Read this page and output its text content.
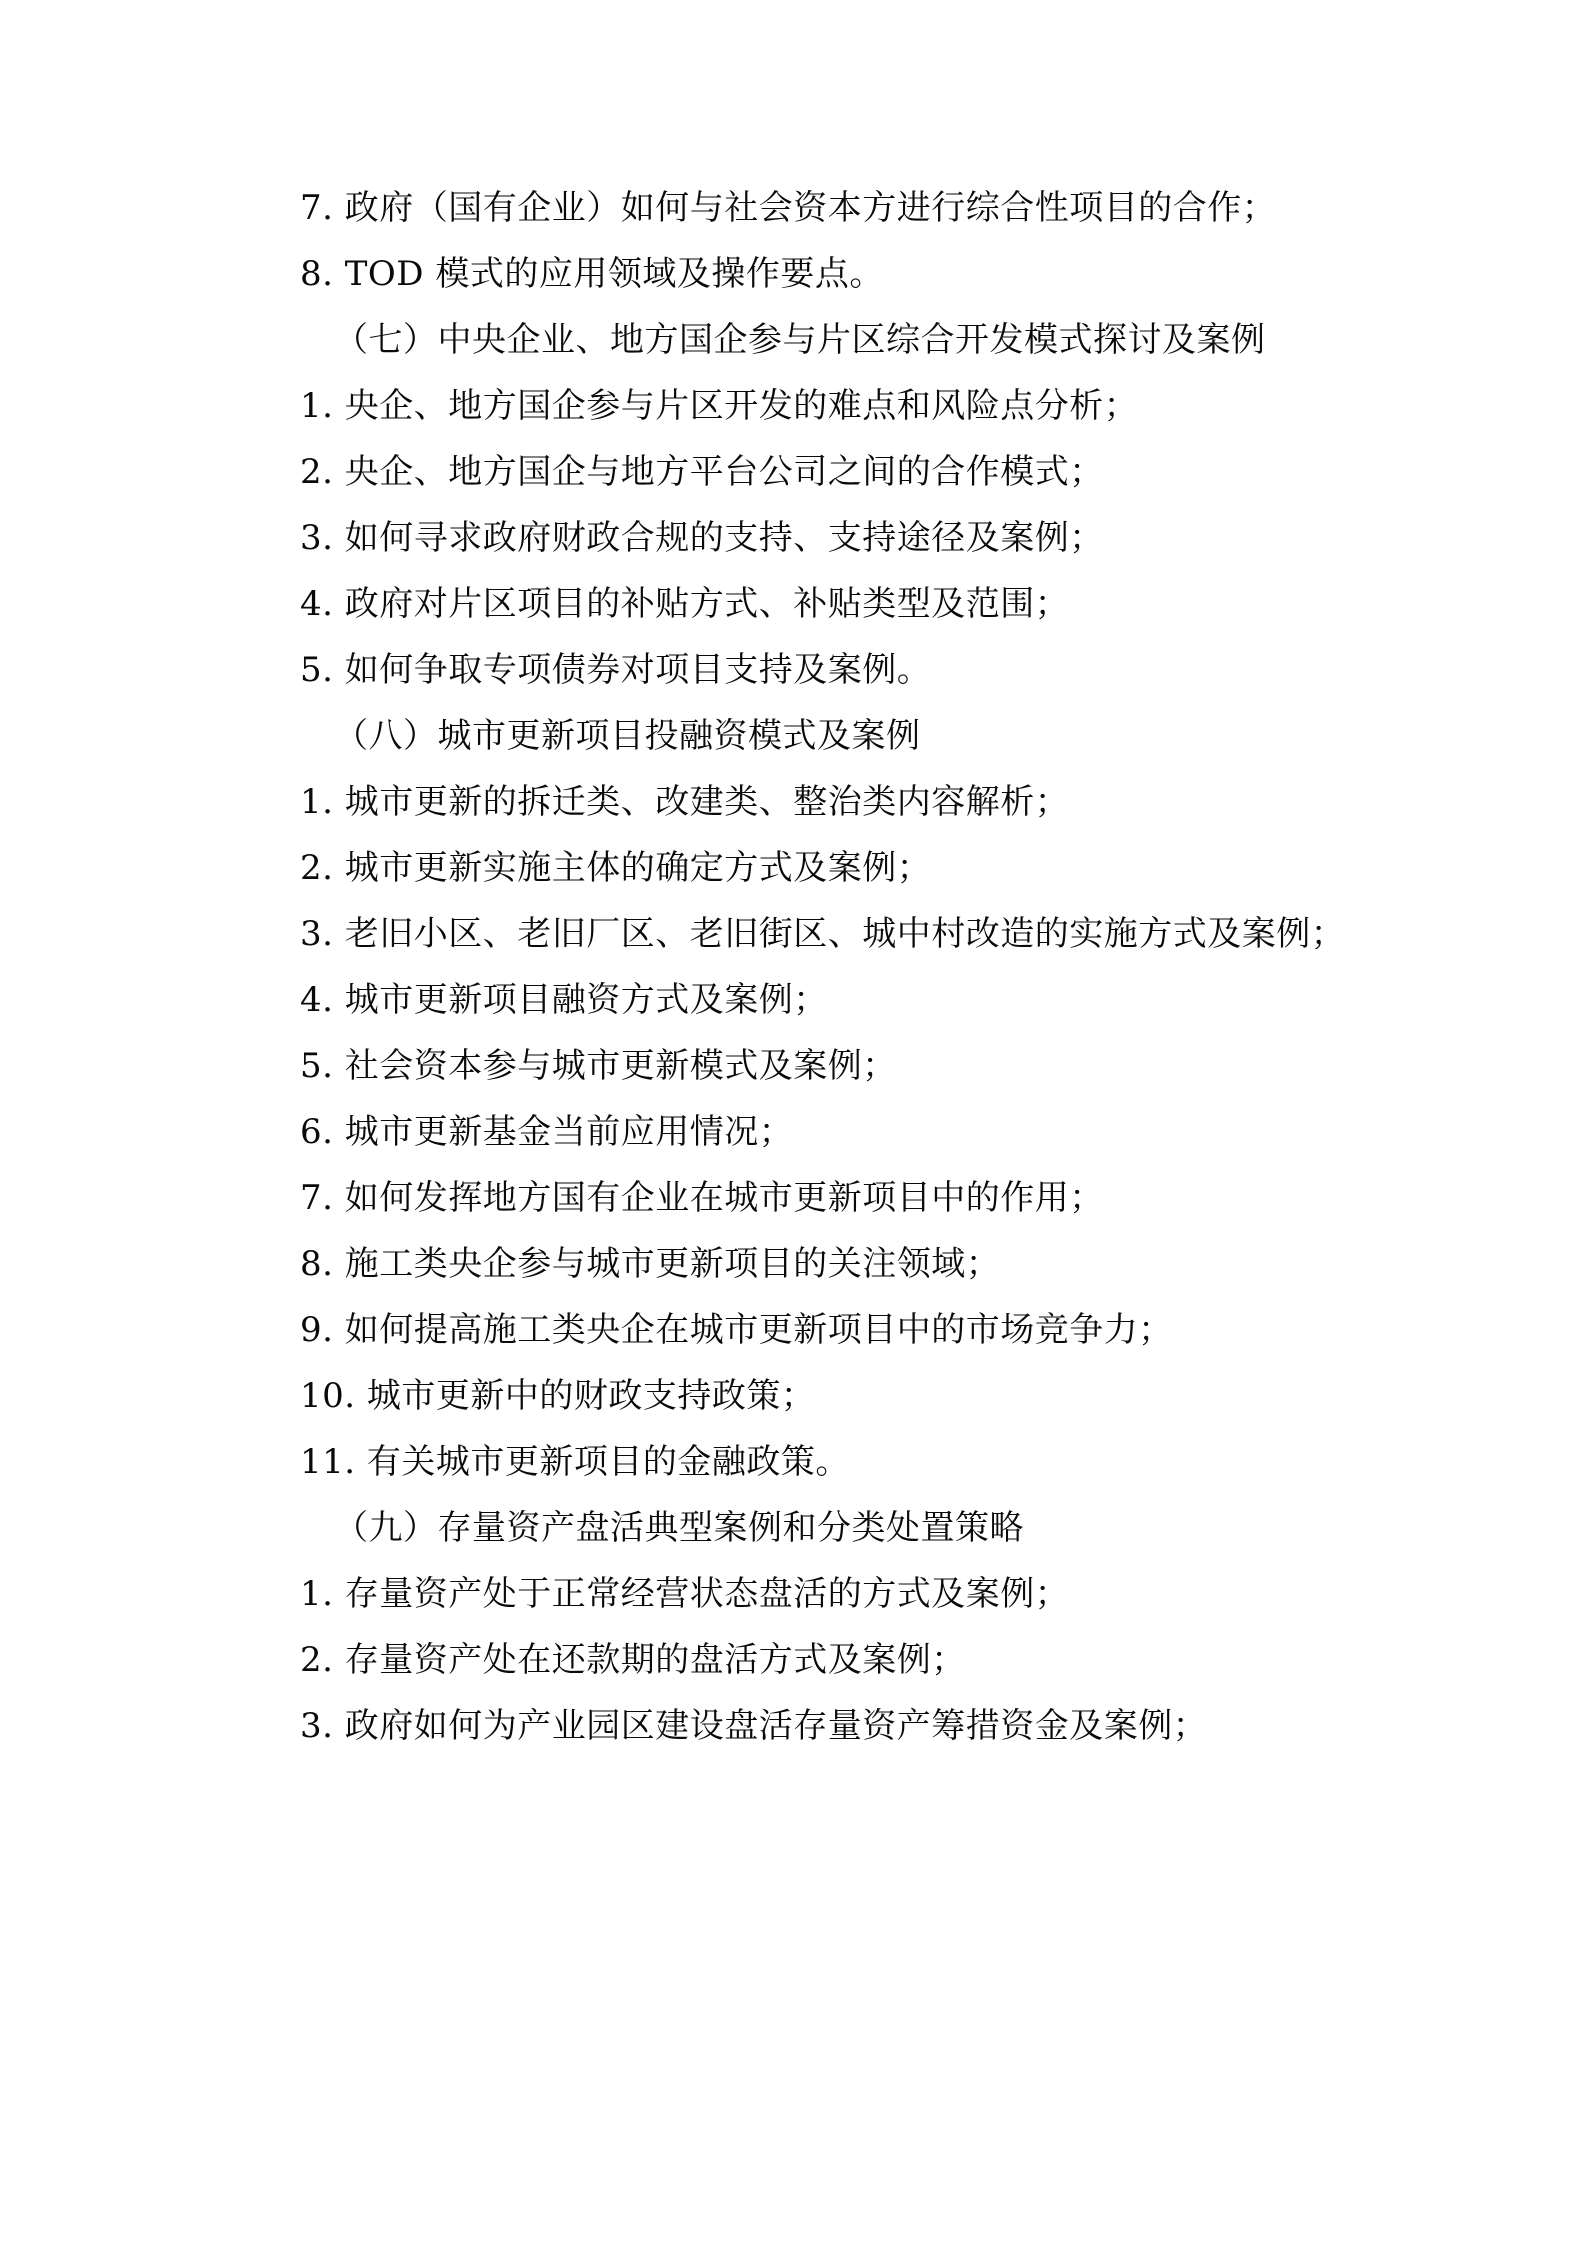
7. 政府（国有企业）如何与社会资本方进行综合性项目的合作；

8. TOD 模式的应用领域及操作要点。

（七）中央企业、地方国企参与片区综合开发模式探讨及案例

1. 央企、地方国企参与片区开发的难点和风险点分析；

2. 央企、地方国企与地方平台公司之间的合作模式；

3. 如何寻求政府财政合规的支持、支持途径及案例；

4. 政府对片区项目的补贴方式、补贴类型及范围；

5. 如何争取专项债券对项目支持及案例。

（八）城市更新项目投融资模式及案例

1. 城市更新的拆迁类、改建类、整治类内容解析；

2. 城市更新实施主体的确定方式及案例；

3. 老旧小区、老旧厂区、老旧街区、城中村改造的实施方式及案例；

4. 城市更新项目融资方式及案例；

5. 社会资本参与城市更新模式及案例；

6. 城市更新基金当前应用情况；

7. 如何发挥地方国有企业在城市更新项目中的作用；

8. 施工类央企参与城市更新项目的关注领域；

9. 如何提高施工类央企在城市更新项目中的市场竞争力；

10. 城市更新中的财政支持政策；

11. 有关城市更新项目的金融政策。

（九）存量资产盘活典型案例和分类处置策略

1. 存量资产处于正常经营状态盘活的方式及案例；

2. 存量资产处在还款期的盘活方式及案例；

3. 政府如何为产业园区建设盘活存量资产筹措资金及案例；
